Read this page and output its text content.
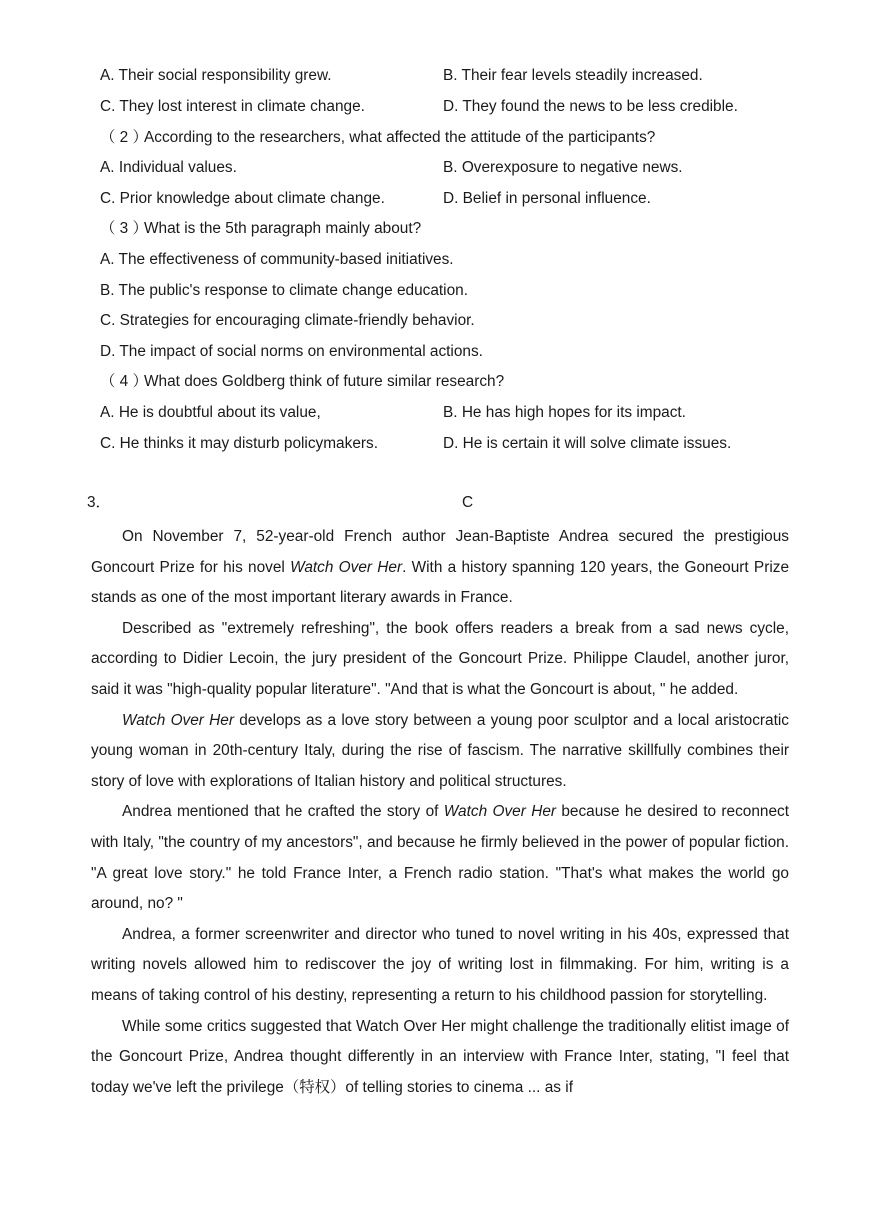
A. Their social responsibility grew.	B. Their fear levels steadily increased.
C. They lost interest in climate change.	D. They found the news to be less credible.
（ 2 ）According to the researchers, what affected the attitude of the participants?
A. Individual values.	B. Overexposure to negative news.
C. Prior knowledge about climate change.	D. Belief in personal influence.
（ 3 ）What is the 5th paragraph mainly about?
A. The effectiveness of community-based initiatives.
B. The public's response to climate change education.
C. Strategies for encouraging climate-friendly behavior.
D. The impact of social norms on environmental actions.
（ 4 ）What does Goldberg think of future similar research?
A. He is doubtful about its value,	B. He has high hopes for its impact.
C. He thinks it may disturb policymakers.	D. He is certain it will solve climate issues.
3．	C

On November 7, 52-year-old French author Jean-Baptiste Andrea secured the prestigious Goncourt Prize for his novel Watch Over Her. With a history spanning 120 years, the Goneourt Prize stands as one of the most important literary awards in France.

Described as "extremely refreshing", the book offers readers a break from a sad news cycle, according to Didier Lecoin, the jury president of the Goncourt Prize. Philippe Claudel, another juror, said it was "high-quality popular literature". "And that is what the Goncourt is about, " he added.

Watch Over Her develops as a love story between a young poor sculptor and a local aristocratic young woman in 20th-century Italy, during the rise of fascism. The narrative skillfully combines their story of love with explorations of Italian history and political structures.

Andrea mentioned that he crafted the story of Watch Over Her because he desired to reconnect with Italy, "the country of my ancestors", and because he firmly believed in the power of popular fiction. "A great love story." he told France Inter, a French radio station. "That's what makes the world go around, no? "

Andrea, a former screenwriter and director who tuned to novel writing in his 40s, expressed that writing novels allowed him to rediscover the joy of writing lost in filmmaking. For him, writing is a means of taking control of his destiny, representing a return to his childhood passion for storytelling.

While some critics suggested that Watch Over Her might challenge the traditionally elitist image of the Goncourt Prize, Andrea thought differently in an interview with France Inter, stating, "I feel that today we've left the privilege（特权）of telling stories to cinema ... as if
